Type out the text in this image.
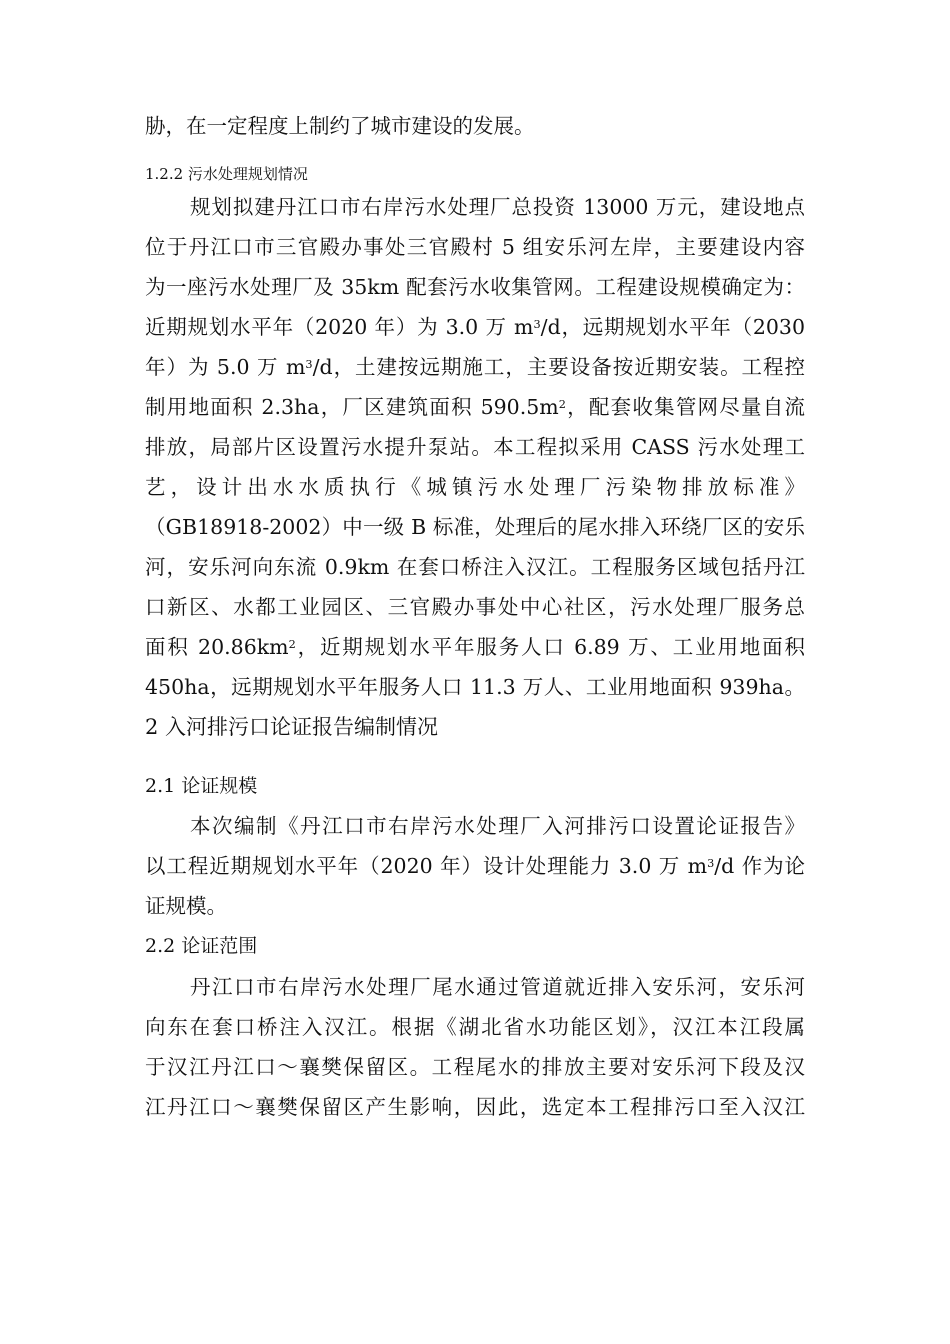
胁，在一定程度上制约了城市建设的发展。
1.2.2 污水处理规划情况
规划拟建丹江口市右岸污水处理厂总投资 13000 万元，建设地点
位于丹江口市三官殿办事处三官殿村 5 组安乐河左岸，主要建设内容
为一座污水处理厂及 35km 配套污水收集管网。工程建设规模确定为：
近期规划水平年（2020 年）为 3.0 万 $m^3/d$，远期规划水平年（2030
年）为 5.0 万 $m^3/d$，土建按远期施工，主要设备按近期安装。工程控
制用地面积 2.3ha，厂区建筑面积 $590.5m^2$，配套收集管网尽量自流
排放，局部片区设置污水提升泵站。本工程拟采用 CASS 污水处理工
艺，设计出水水质执行《城镇污水处理厂污染物排放标准》
（GB18918-2002）中一级 B 标准，处理后的尾水排入环绕厂区的安乐
河，安乐河向东流 0.9km 在套口桥注入汉江。工程服务区域包括丹江
口新区、水都工业园区、三官殿办事处中心社区，污水处理厂服务总
面积 $20.86km^2$，近期规划水平年服务人口 6.89 万、工业用地面积
450ha，远期规划水平年服务人口 11.3 万人、工业用地面积 939ha。
2 入河排污口论证报告编制情况
2.1 论证规模
本次编制《丹江口市右岸污水处理厂入河排污口设置论证报告》
以工程近期规划水平年（2020 年）设计处理能力 3.0 万 $m^3/d$ 作为论
证规模。
2.2 论证范围
丹江口市右岸污水处理厂尾水通过管道就近排入安乐河，安乐河
向东在套口桥注入汉江。根据《湖北省水功能区划》，汉江本江段属
于汉江丹江口～襄樊保留区。工程尾水的排放主要对安乐河下段及汉
江丹江口～襄樊保留区产生影响，因此，选定本工程排污口至入汉江
